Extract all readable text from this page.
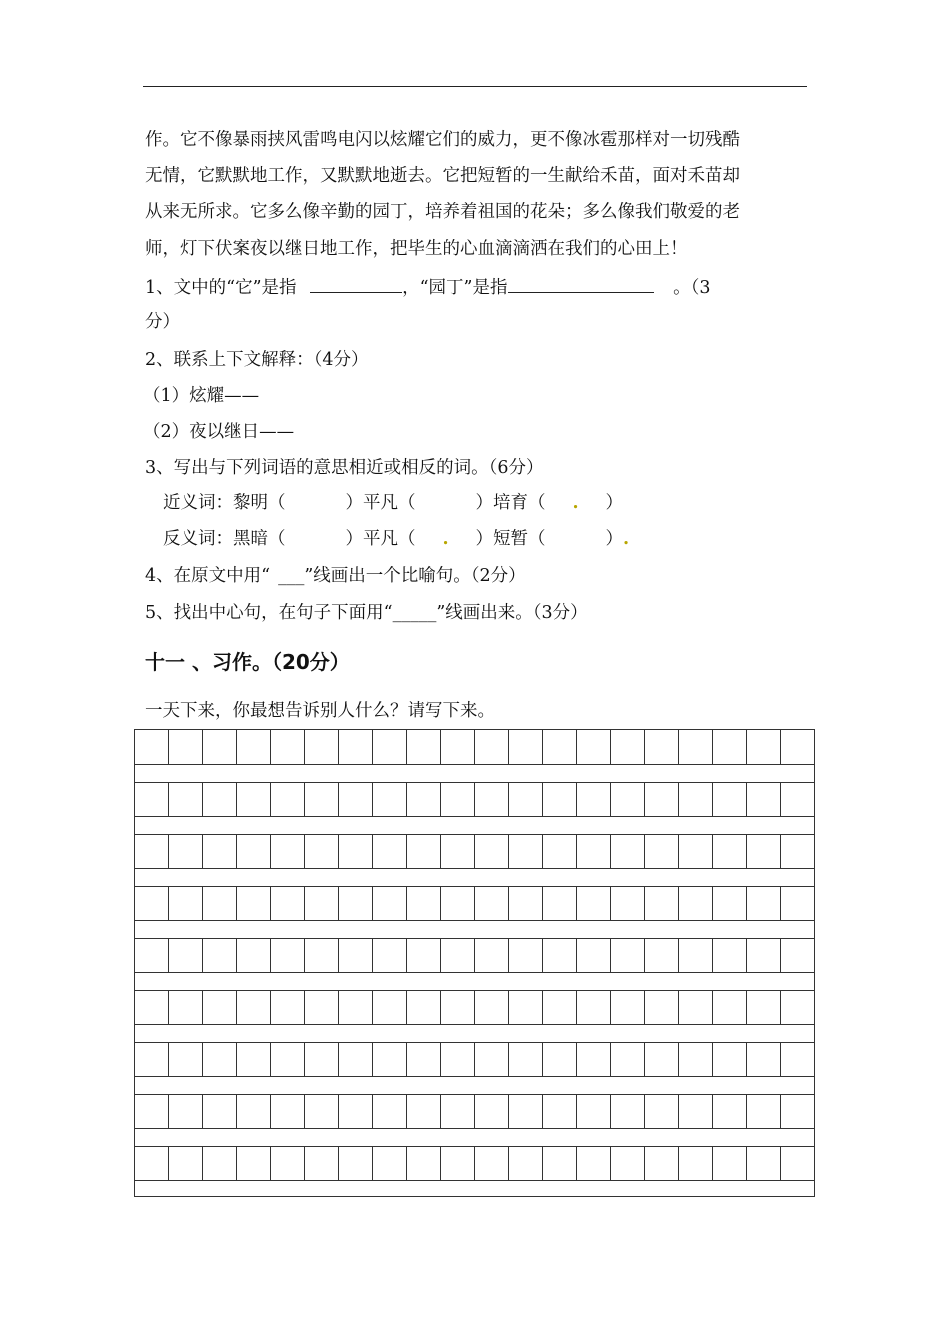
作。它不像暴雨挟风雷鸣电闪以炫耀它们的威力，更不像冰雹那样对一切残酷
无情，它默默地工作，又默默地逝去。它把短暂的一生献给禾苗，面对禾苗却
从来无所求。它多么像辛勤的园丁，培养着祖国的花朵；多么像我们敬爱的老
师，灯下伏案夜以继日地工作，把毕生的心血滴滴洒在我们的心田上！
1、文中的“它”是指	，“园丁”是指	。（3
分）
2、联系上下文解释：（4分）
（1）炫耀——
（2）夜以继日——
3、写出与下列词语的意思相近或相反的词。（6分）
近义词：黎明（	）平凡（	）培育（ . ）
反义词：黑暗（	）平凡（ . ）短暂（	）.
4、在原文中用“ ___”线画出一个比喻句。（2分）
5、找出中心句，在句子下面用“_____”线画出来。（3分）
十一 、习作。（20分）
一天下来，你最想告诉别人什么？请写下来。
